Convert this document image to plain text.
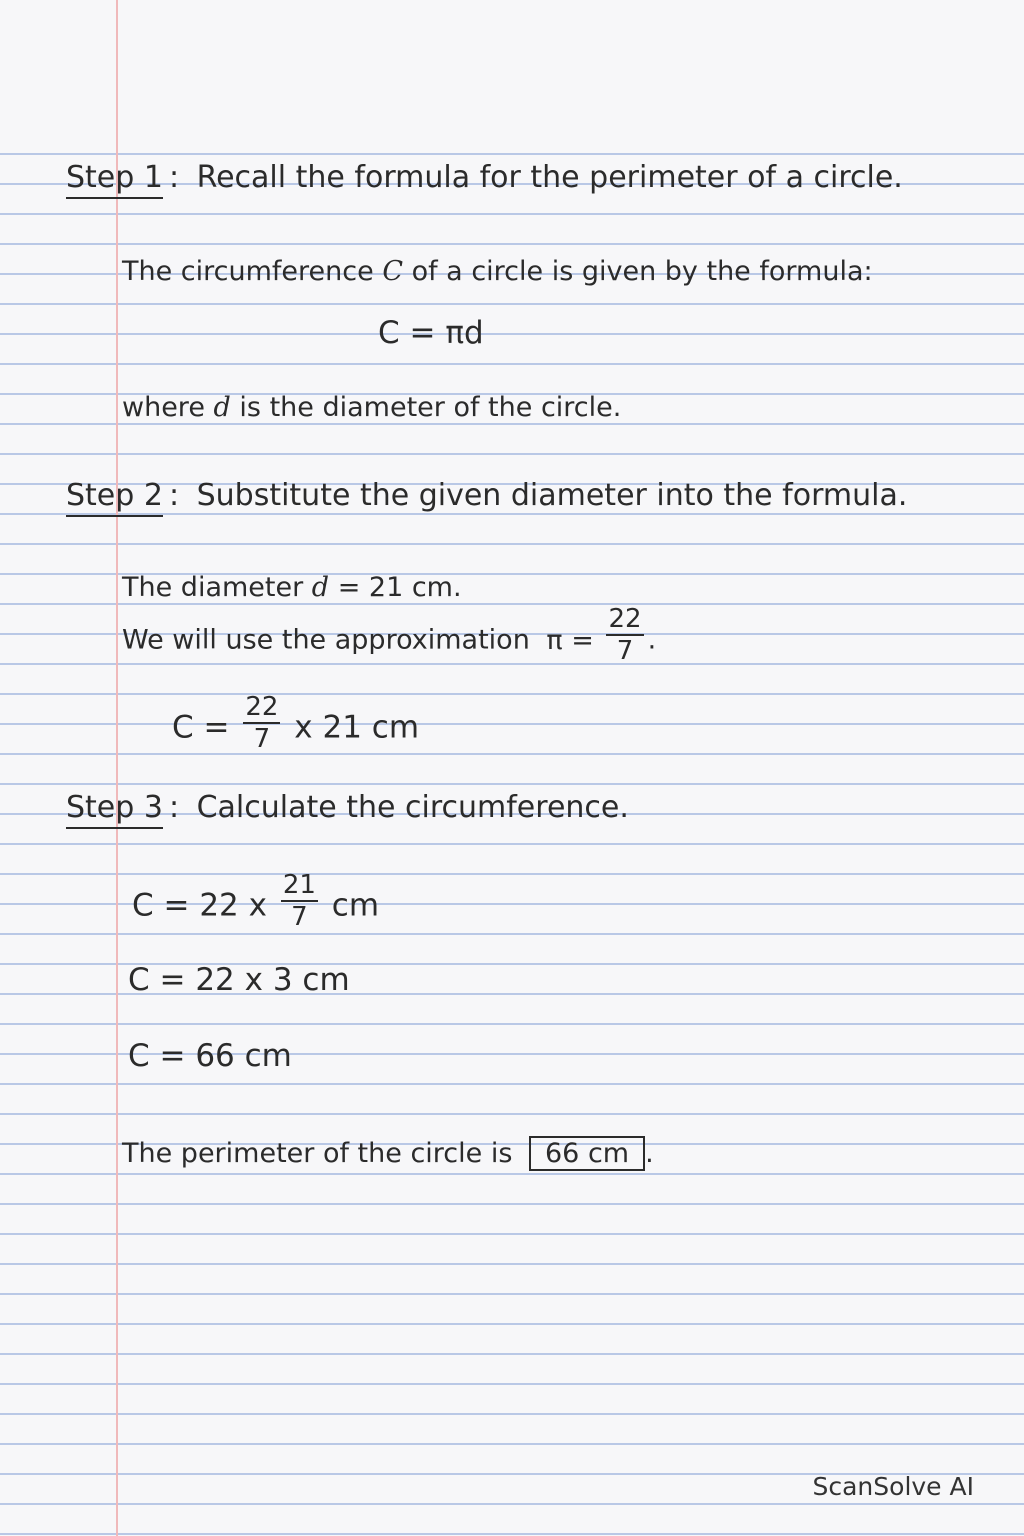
Step 1 : Recall the formula for the perimeter of a circle.
The circumference C of a circle is given by the formula:
C = πd
where d is the diameter of the circle.
Step 2 : Substitute the given diameter into the formula.
The diameter d = 21 cm.
We will use the approximation $\pi = \frac{22}{7}$ .
$C = \frac{22}{7}$ x 21 cm
Step 3 : Calculate the circumference.
C = 22 x $\frac{21}{7}$ cm
C = 22 x 3 cm
C = 66 cm
The perimeter of the circle is 66 cm .
ScanSolve AI
